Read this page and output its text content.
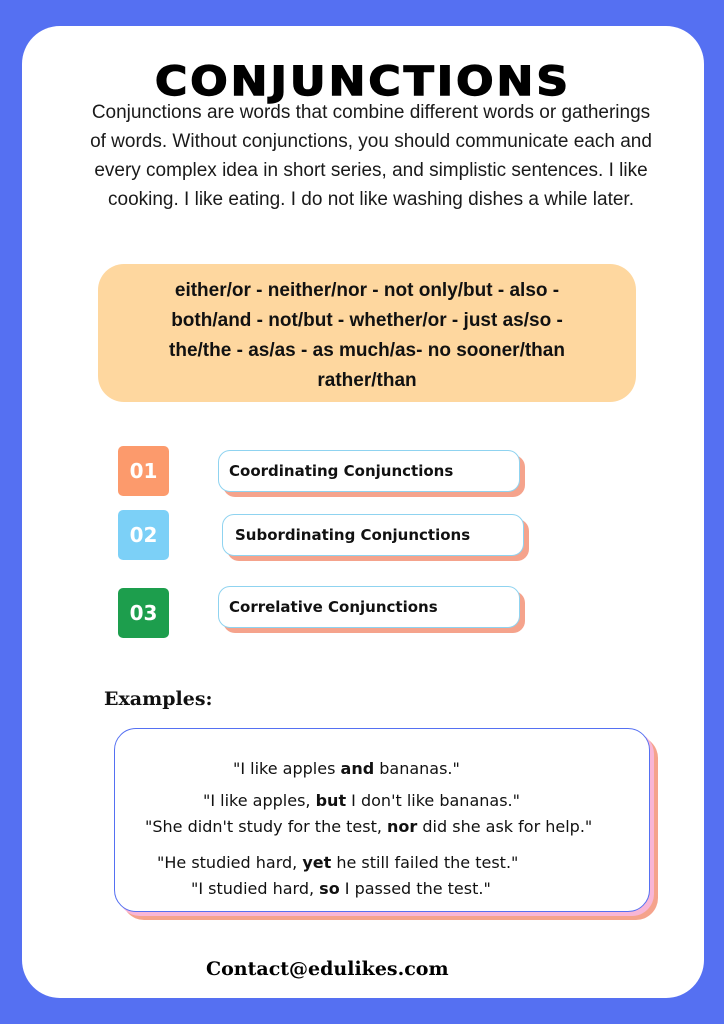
CONJUNCTIONS

Conjunctions are words that combine different words or gatherings of words. Without conjunctions, you should communicate each and every complex idea in short series, and simplistic sentences. I like cooking. I like eating. I do not like washing dishes a while later.

either/or - neither/nor - not only/but - also -
both/and - not/but - whether/or - just as/so -
the/the - as/as - as much/as- no sooner/than
rather/than
01	Coordinating Conjunctions
02	Subordinating Conjunctions
03	Correlative Conjunctions
Examples:
"I like apples and bananas."
"I like apples, but I don't like bananas."
"She didn't study for the test, nor did she ask for help."
"He studied hard, yet he still failed the test."
"I studied hard, so I passed the test."
Contact@edulikes.com
